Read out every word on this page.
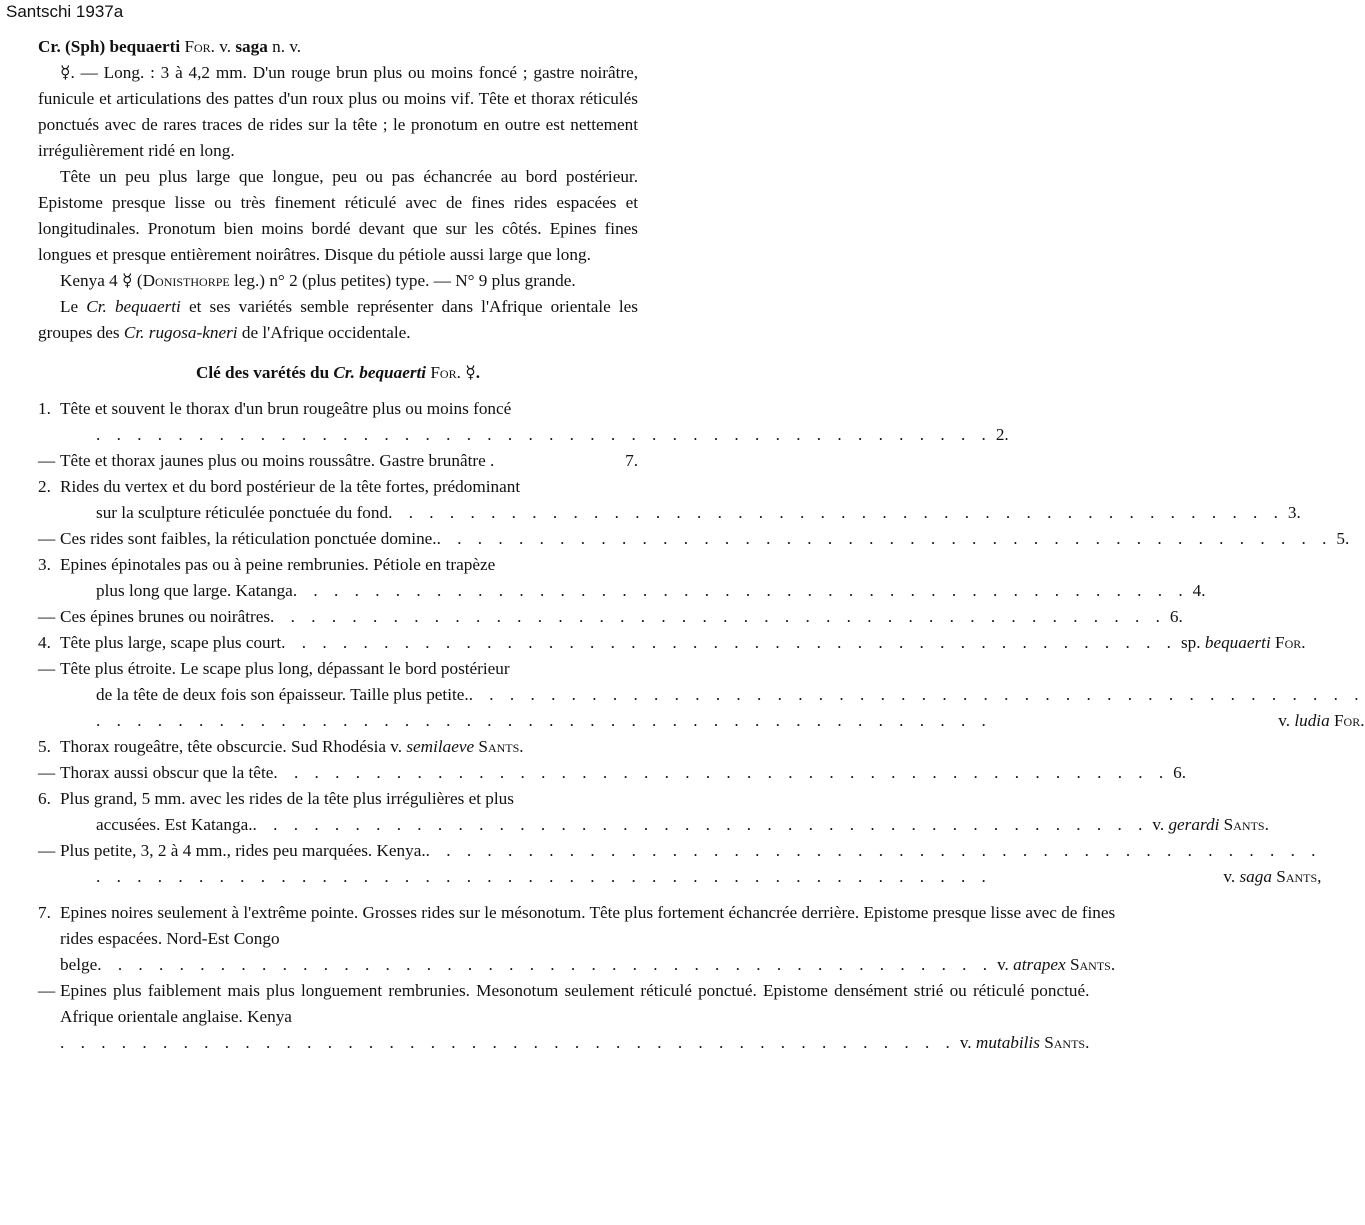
Santschi 1937a

Cr. (Sph) bequaerti For. v. saga n. v.

☿. — Long. : 3 à 4,2 mm. D'un rouge brun plus ou moins foncé ; gastre noirâtre, funicule et articulations des pattes d'un roux plus ou moins vif. Tête et thorax réticulés ponctués avec de rares traces de rides sur la tête ; le pronotum en outre est nettement irrégulièrement ridé en long.

Tête un peu plus large que longue, peu ou pas échancrée au bord postérieur. Epistome presque lisse ou très finement réticulé avec de fines rides espacées et longitudinales. Pronotum bien moins bordé devant que sur les côtés. Epines fines longues et presque entièrement noirâtres. Disque du pétiole aussi large que long.

Kenya 4 ☿ (Donisthorpe leg.) n° 2 (plus petites) type. — N° 9 plus grande.

Le Cr. bequaerti et ses variétés semble représenter dans l'Afrique orientale les groupes des Cr. rugosa-kneri de l'Afrique occidentale.

Clé des varétés du Cr. bequaerti For. ☿.

1. Tête et souvent le thorax d'un brun rougeâtre plus ou moins foncé
. . . . . . . . . . . . . . . . . . . . . . . . . . . . . . . . . . . . . . . . . . . . 2.
— Tête et thorax jaunes plus ou moins roussâtre. Gastre brunâtre .	7.
2. Rides du vertex et du bord postérieur de la tête fortes, prédominant
sur la sculpture réticulée ponctuée du fond . . . . . . . . . . . . . . . . . . . . . . . . . . . . . . . . . . . . . . . . . . . . 3.
— Ces rides sont faibles, la réticulation ponctuée domine. . . . . . . . . . . . . . . . . . . . . . . . . . . . . . . . . . . . . . . . . . . . . 5.
3. Epines épinotales pas ou à peine rembrunies. Pétiole en trapèze
plus long que large. Katanga . . . . . . . . . . . . . . . . . . . . . . . . . . . . . . . . . . . . . . . . . . . . 4.
— Ces épines brunes ou noirâtres . . . . . . . . . . . . . . . . . . . . . . . . . . . . . . . . . . . . . . . . . . . . 6.
4. Tête plus large, scape plus court . . . . . . . . . . . . . . . . . . . . . . . . . . . . . . . . . . . . . . . . . . . . sp. bequaerti For.
— Tête plus étroite. Le scape plus long, dépassant le bord postérieur
de la tête de deux fois son épaisseur. Taille plus petite. . . . . . . . . . . . . . . . . . . . . . . . . . . . . . . . . . . . . . . . . . . . .
. . . . . . . . . . . . . . . . . . . . . . . . . . . . . . . . . . . . . . . . . . . .	v. ludia For.
5. Thorax rougeâtre, tête obscurcie. Sud Rhodésia v. semilaeve Sants.
— Thorax aussi obscur que la tête . . . . . . . . . . . . . . . . . . . . . . . . . . . . . . . . . . . . . . . . . . . . 6.
6. Plus grand, 5 mm. avec les rides de la tête plus irrégulières et plus
accusées. Est Katanga. . . . . . . . . . . . . . . . . . . . . . . . . . . . . . . . . . . . . . . . . . . . . v. gerardi Sants.
— Plus petite, 3, 2 à 4 mm., rides peu marquées. Kenya. . . . . . . . . . . . . . . . . . . . . . . . . . . . . . . . . . . . . . . . . . . . .
. . . . . . . . . . . . . . . . . . . . . . . . . . . . . . . . . . . . . . . . . . . .	v. saga Sants,
7. Epines noires seulement à l'extrême pointe. Grosses rides sur le mésonotum. Tête plus fortement échancrée derrière. Epistome presque lisse avec de fines rides espacées. Nord-Est Congo
belge . . . . . . . . . . . . . . . . . . . . . . . . . . . . . . . . . . . . . . . . . . . . v. atrapex Sants.
— Epines plus faiblement mais plus longuement rembrunies. Mesonotum seulement réticulé ponctué. Epistome densément strié ou réticulé ponctué. Afrique orientale anglaise. Kenya
. . . . . . . . . . . . . . . . . . . . . . . . . . . . . . . . . . . . . . . . . . . . v. mutabilis Sants.
